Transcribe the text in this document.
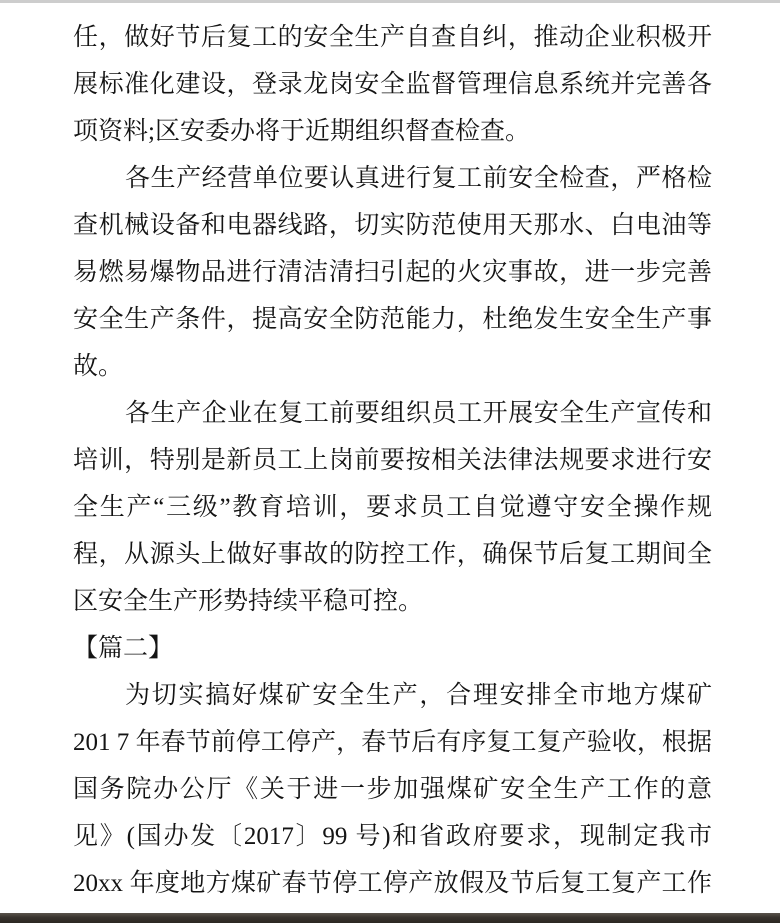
任，做好节后复工的安全生产自查自纠，推动企业积极开
展标准化建设，登录龙岗安全监督管理信息系统并完善各
项资料;区安委办将于近期组织督查检查。
各生产经营单位要认真进行复工前安全检查，严格检
查机械设备和电器线路，切实防范使用天那水、白电油等
易燃易爆物品进行清洁清扫引起的火灾事故，进一步完善
安全生产条件，提高安全防范能力，杜绝发生安全生产事
故。
各生产企业在复工前要组织员工开展安全生产宣传和
培训，特别是新员工上岗前要按相关法律法规要求进行安
全生产“三级”教育培训，要求员工自觉遵守安全操作规
程，从源头上做好事故的防控工作，确保节后复工期间全
区安全生产形势持续平稳可控。
【篇二】
为切实搞好煤矿安全生产，合理安排全市地方煤矿
201 7 年春节前停工停产，春节后有序复工复产验收，根据
国务院办公厅《关于进一步加强煤矿安全生产工作的意
见》(国办发〔2017〕99 号)和省政府要求，现制定我市
20xx 年度地方煤矿春节停工停产放假及节后复工复产工作
